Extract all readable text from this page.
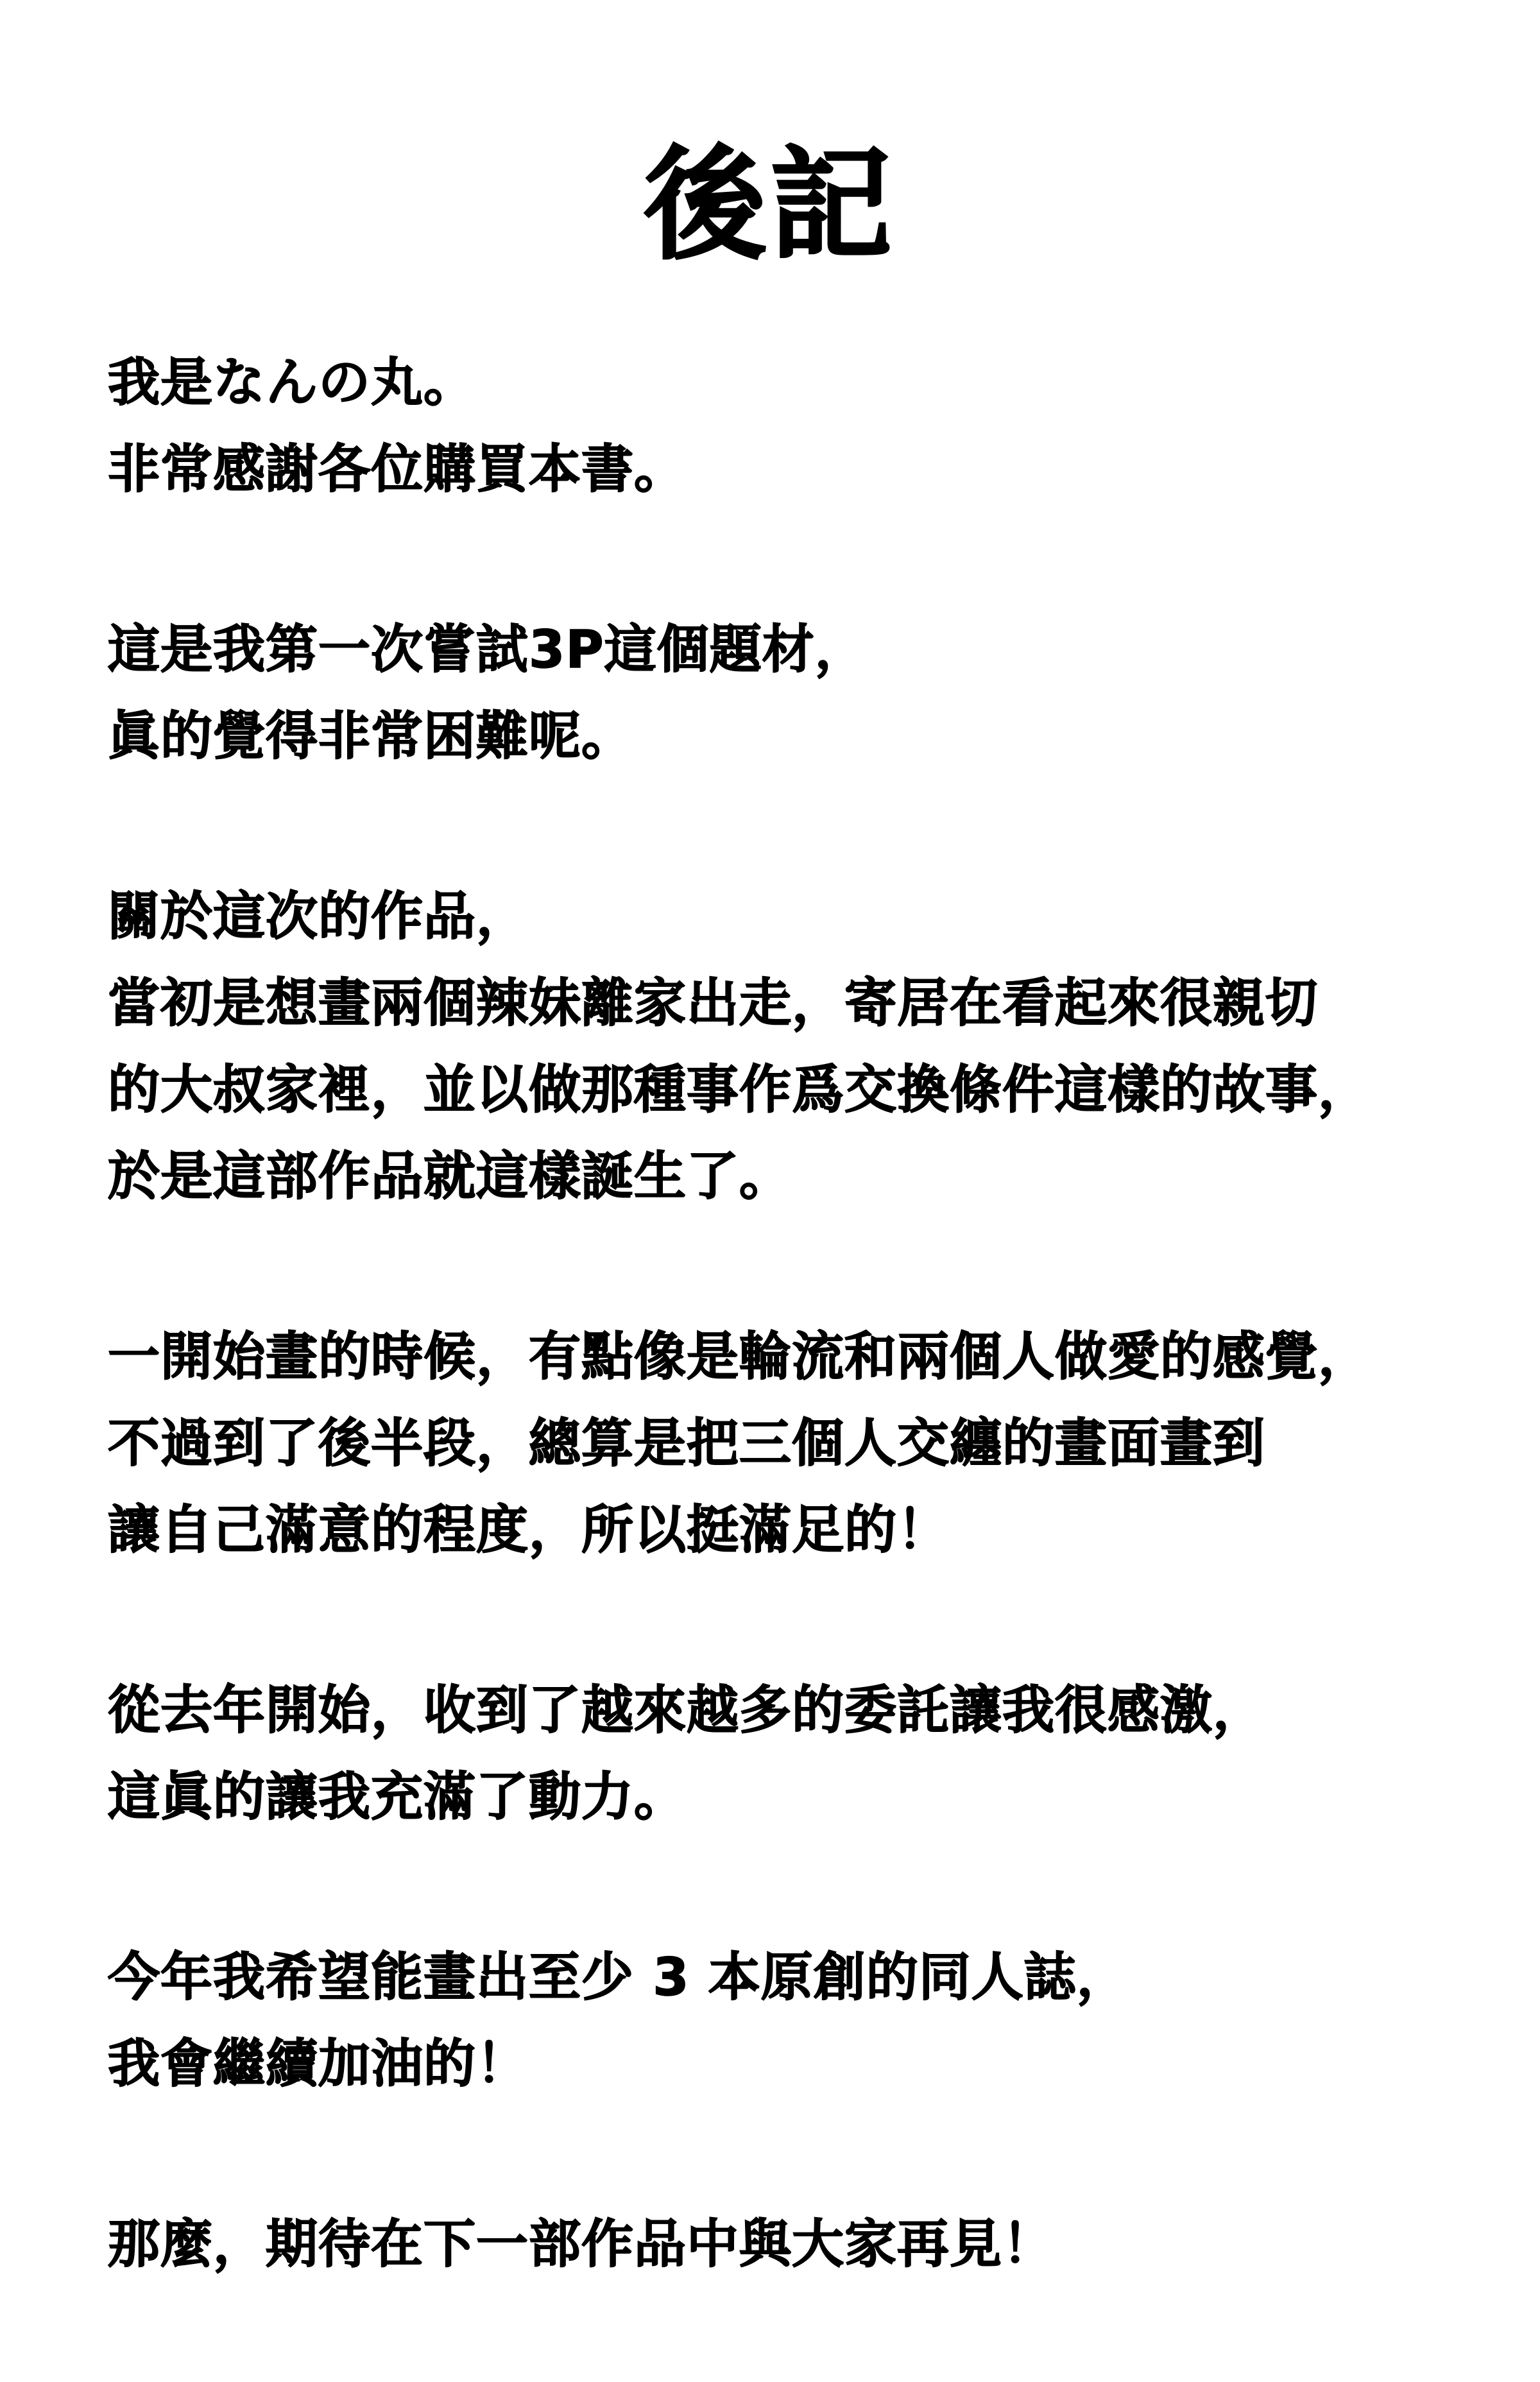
後記
我是なんの丸。
非常感謝各位購買本書。
這是我第一次嘗試3P這個題材，
眞的覺得非常困難呢。
關於這次的作品，
當初是想畫兩個辣妹離家出走，寄居在看起來很親切
的大叔家裡，並以做那種事作爲交換條件這樣的故事，
於是這部作品就這樣誕生了。
一開始畫的時候，有點像是輪流和兩個人做愛的感覺，
不過到了後半段，總算是把三個人交纏的畫面畫到
讓自己滿意的程度，所以挺滿足的！
從去年開始，收到了越來越多的委託讓我很感激，
這眞的讓我充滿了動力。
今年我希望能畫出至少 3 本原創的同人誌，
我會繼續加油的！
那麼，期待在下一部作品中與大家再見！
